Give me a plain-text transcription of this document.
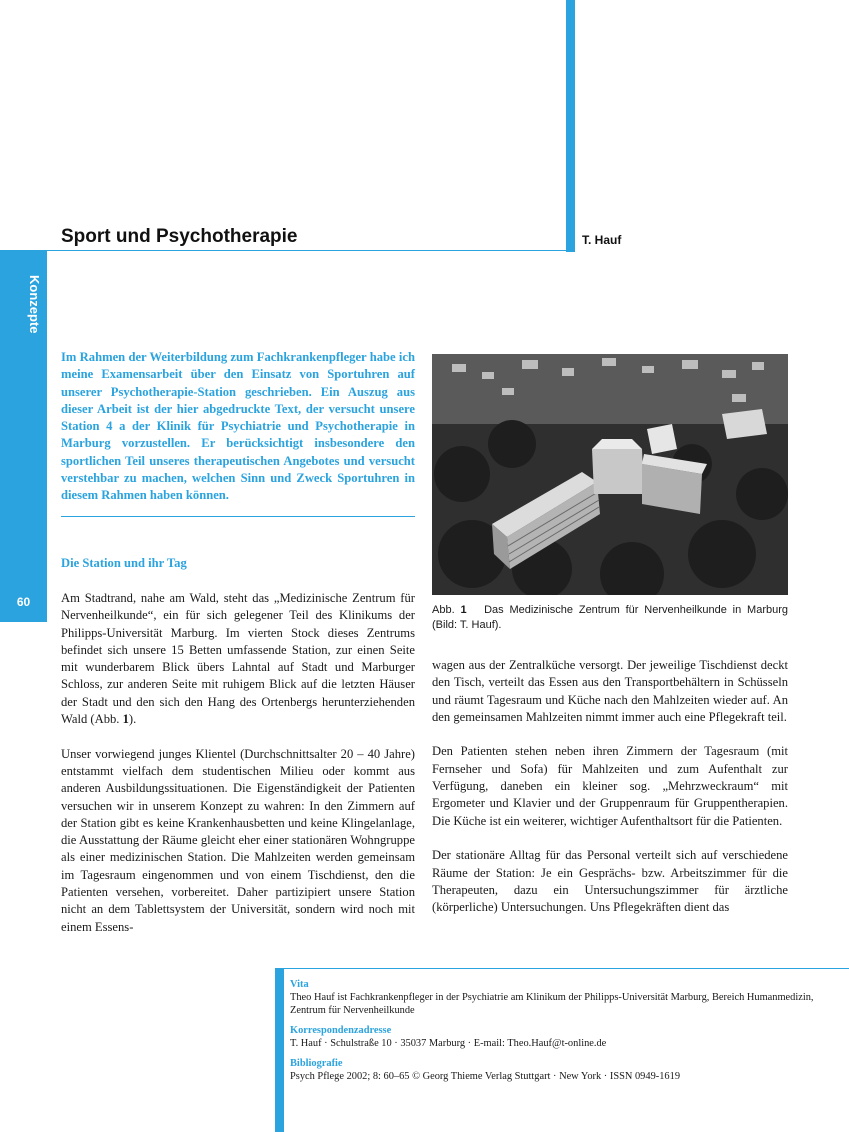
Sport und Psychotherapie	T. Hauf
Konzepte
60
Im Rahmen der Weiterbildung zum Fachkrankenpfleger habe ich meine Examensarbeit über den Einsatz von Sportuhren auf unserer Psychotherapie-Station geschrieben. Ein Auszug aus dieser Arbeit ist der hier abgedruckte Text, der versucht unsere Station 4 a der Klinik für Psychiatrie und Psychotherapie in Marburg vorzustellen. Er berücksichtigt insbesondere den sportlichen Teil unseres therapeutischen Angebotes und versucht verstehbar zu machen, welchen Sinn und Zweck Sportuhren in diesem Rahmen haben können.
Die Station und ihr Tag

Am Stadtrand, nahe am Wald, steht das „Medizinische Zentrum für Nervenheilkunde“, ein für sich gelegener Teil des Klinikums der Philipps-Universität Marburg. Im vierten Stock dieses Zentrums befindet sich unsere 15 Betten umfassende Station, zur einen Seite mit wunderbarem Blick übers Lahntal auf Stadt und Marburger Schloss, zur anderen Seite mit ruhigem Blick auf die letzten Häuser der Stadt und den sich den Hang des Ortenbergs herunterziehenden Wald (Abb. 1).

Unser vorwiegend junges Klientel (Durchschnittsalter 20 – 40 Jahre) entstammt vielfach dem studentischen Milieu oder kommt aus anderen Ausbildungssituationen. Die Eigenständigkeit der Patienten versuchen wir in unserem Konzept zu wahren: In den Zimmern auf der Station gibt es keine Krankenhausbetten und keine Klingelanlage, die Ausstattung der Räume gleicht eher einer stationären Wohngruppe als einer medizinischen Station. Die Mahlzeiten werden gemeinsam im Tagesraum eingenommen und von einem Tischdienst, den die Patienten versehen, vorbereitet. Daher partizipiert unsere Station nicht an dem Tablettsystem der Universität, sondern wird noch mit einem Essens-

Abb. 1 Das Medizinische Zentrum für Nervenheilkunde in Marburg (Bild: T. Hauf).

wagen aus der Zentralküche versorgt. Der jeweilige Tischdienst deckt den Tisch, verteilt das Essen aus den Transportbehältern in Schüsseln und räumt Tagesraum und Küche nach den Mahlzeiten wieder auf. An den gemeinsamen Mahlzeiten nimmt immer auch eine Pflegekraft teil.

Den Patienten stehen neben ihren Zimmern der Tagesraum (mit Fernseher und Sofa) für Mahlzeiten und zum Aufenthalt zur Verfügung, daneben ein kleiner sog. „Mehrzweckraum“ mit Ergometer und Klavier und der Gruppenraum für Gruppentherapien. Die Küche ist ein weiterer, wichtiger Aufenthaltsort für die Patienten.

Der stationäre Alltag für das Personal verteilt sich auf verschiedene Räume der Station: Je ein Gesprächs- bzw. Arbeitszimmer für die Therapeuten, dazu ein Untersuchungszimmer für ärztliche (körperliche) Untersuchungen. Uns Pflegekräften dient das

Vita
Theo Hauf ist Fachkrankenpfleger in der Psychiatrie am Klinikum der Philipps-Universität Marburg, Bereich Humanmedizin, Zentrum für Nervenheilkunde
Korrespondenzadresse
T. Hauf · Schulstraße 10 · 35037 Marburg · E-mail: Theo.Hauf@t-online.de
Bibliografie
Psych Pflege 2002; 8: 60–65 © Georg Thieme Verlag Stuttgart · New York · ISSN 0949-1619
